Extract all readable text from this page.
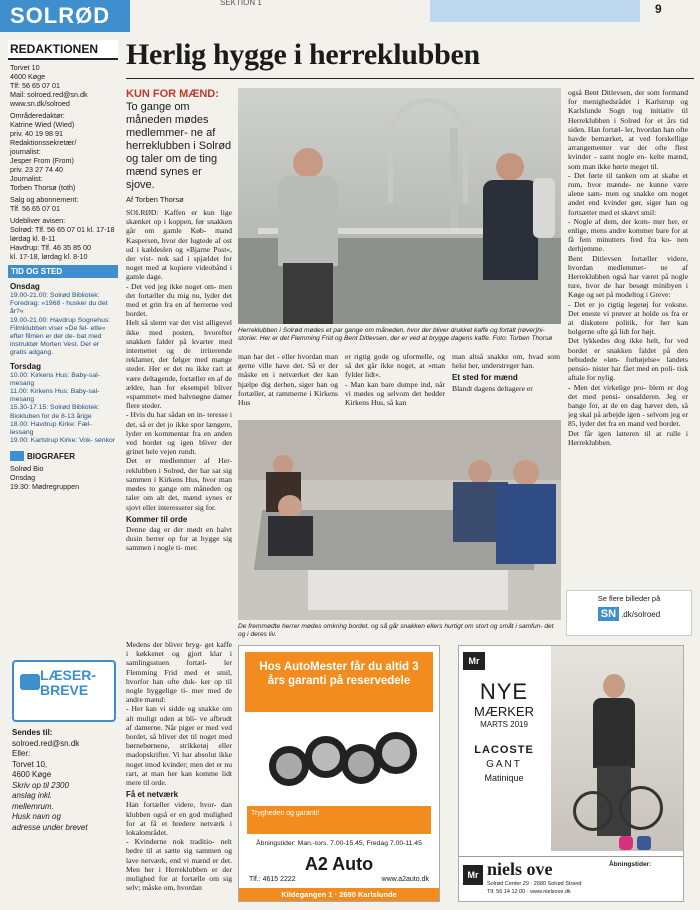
SOLRØD
SEKTION 1	9
REDAKTIONEN
Torvet 10
4600 Køge
Tlf: 56 65 07 01
Mail: solroed.red@sn.dk
www.sn.dk/solroed
Områderedaktør:
Katrine Wied (Wied)
priv. 40 19 98 91
Redaktionssekretær/
journalist:
Jesper From (From)
priv. 23 27 74 40
Journalist:
Torben Thorsø (toth)
Salg og abonnement:
Tlf. 56 65 07 01
Udebliver avisen:
Solrød: Tlf. 56 65 07 01 kl. 17-18
lørdag kl. 8-11
Havdrup: Tlf. 46 35 85 00
kl. 17-18, lørdag kl. 8-10
TID OG STED
Onsdag
19.00-21.00: Solrød Bibliotek: Foredrag: »1968 - husker du det år?«
19.00-21.00: Havdrup Sognehus: Filmklubben viser »De fel- ette« efter filmen er der de- bat med instruktør Morten Vest. Der er gratis adgang.
Torsdag
10.00: Kirkens Hus: Baby-sal- mesang
11.00: Kirkens Hus: Baby-sal- mesang
15.30-17.15: Solrød Bibliotek: Biokluben for de 8-13 årige
18.00: Havdrup Kirke: Fæl- lessang
19.00: Karlstrup Kirke: Vok- senkor
BIOGRAFER
Solrød Bio
Onsdag
19.30: Mødregruppen
LÆSER-
BREVE
Sendes til:
solroed.red@sn.dk
Eller:
Torvet 10,
4600 Køge
Skriv op til 2300
anslag inkl.
mellemrum.
Husk navn og
adresse under brevet
Herlig hygge i herreklubben
KUN FOR MÆND: To gange om måneden mødes medlemmer- ne af herreklubben i Solrød og taler om de ting mænd synes er sjove.
Af Torben Thorsø
SOLRØD: Kaffen er kun lige skænket op i koppen, før snakken går om gamle Køb- mand Kaspersen, hvor der lugtede af ost ud i kældeslen og »Bjarne Post«, der vist- nok sad i spjældet for noget med at kopiere videobånd i gamle dage.
- Det ved jeg ikke noget om- men det fortæller du mig nu, lyder det med et grin fra en af herrerne ved bordet.
Helt så slemt var det vist alligevel ikke med posten, hvorefter snakken falder på kvarter med internettet og de irriterende reklamer, der følger med mange steder. Her er det nu ikke rart at være deltagende, fortæller en af de ældre, han for eksempel bliver »spammet« med halvnøgne damer flere steder.
- Hvis du har sådan en in- teresse i det, så er det jo ikke spor længere, lyder en kommentar fra en anden ved bordet og igen bliver der grinet hele vejen rundt.
Det er medlemmer af Her- reklubben i Solrød, der har sat sig sammen i Kirkens Hus, hvor man mødes to gange om måneden og taler om alt det, mænd synes er sjovt eller interesserer sig for.
Kommer til orde
Denne dag er der mødt en halvt dusin herrer op for at hygge sig sammen i nogle ti- mer.
Medens der bliver bryg- get kaffe i køkkenet og gjort klar i samlingsstuen fortæl- ler Flemming Frid med et smil, hvorfor han ofte duk- ker op til nogle hyggelige ti- mer med de andre mænd:
- Her kan vi sidde og snakke om alt muligt uden at bli- ve afbrudt af damerne. Når piger er med ved bordet, så bliver det til noget med børnebørnene, strikketøj eller madopskrifter. Vi har absolut ikke noget imod kvinder; men det er nu rart, at man her kan komme lidt mere til orde.
Få et netværk
Han fortæller videre, hvor- dan klubben også er en god mulighed for at få et bredere netværk i lokalområdet.
- Kvinderne nok traditio- nelt bedre til at sætte sig sammen og lave netværk, end vi mænd er det. Men her i Herreklubben er der mulighed for at fortælle om sig selv; måske om, hvordan
Herreklubben i Solrød mødes et par gange om måneden, hvor der bliver drukket kaffe og fortalt (røver)hi- storier. Her er det Flemming Frid og Bent Ditlevsen, der er ved at brygge dagens kaffe. Foto: Torben Thorsø
man har det - eller hvordan man gerne ville have det. Så er der måske en i netværket der kan hjælpe dig derhen, siger han og fortæller, at rammerne i Kirkens Hus
er rigtig gode og uformelle, og så det går ikke noget, at »man fylder lidt«.
- Man kan bare dumpe ind, når vi mødes og selvom det hedder Kirkens Hus, så kan
man altså snakke om, hvad som helst her, understreger han.
Et sted for mænd
Blandt dagens deltagere er
De fremmødte herrer mødes omkring bordet, og så går snakken ellers hurtigt om stort og småt i samfun- det og i deres liv.
også Bent Ditlevsen, der som formand for menighedsrådet i Karlstrup og Karlslunde Sogn tog initiativ til Herreklubben i Solrød for et års tid siden. Han fortæl- ler, hvordan han ofte havde bemærket, at ved forskellige arrangementer var der ofte flest kvinder - samt nogle en- kelte mænd, som man ikke hørte meget til.
- Det førte til tanken om at skabe et rum, hvor mænde- ne kunne være alene sam- men og snakke om noget andet end kvinder gør, siger han og fortsætter med et skævt smil:
- Nogle af dem, der kom- mer her, er enlige, mens andre kommer bare for at få fem minutters fred fra ko- nen derhjemme.
Bent Ditlevsen fortæller videre, hvordan medlemmer- ne af Herreklubben også har været på nogle ture, hvor de har besøgt minibyen i Køge og set på modeltog i Greve:
- Det er jo rigtig legetøj for voksne. Det eneste vi prøver at holde os fra er at diskutere politik, for her kan holgerne ofte gå lidt for højt.
Det lykkedes dog ikke helt, for ved bordet er snakken faldet på den bebudede »løn- forhøjelse« landets pensio- nister har fået med en poli- tisk aftale for nylig.
- Men det virkelige pro- blem er dog det med pensi- onsalderen. Jeg er bange for, at de en dag hæver den, så jeg skal på arbejde igen - selvom jeg er 85, lyder det fra en mand ved bordet.
Det får igen latteren til at rulle i Herreklubben.
Se flere billeder på
SN .dk/solroed
Hos AutoMester får du altid 3 års garanti på reservedele
Trygheden og garanti!
Åbningstider: Man.-tors. 7.00-15.45, Fredag 7.00-11.45
A2 Auto
Tlf.: 4615 2222	www.a2auto.dk
Kildegangen 1 · 2690 Karlslunde
Mr
NYE
MÆRKER
MARTS 2019
LACOSTE
GANT
Matinique
Mr niels ove
Solrød Center 29 · 2680 Solrød Strand
Tlf. 56 14 12 00 · www.nielsove.dk
Åbningstider:
